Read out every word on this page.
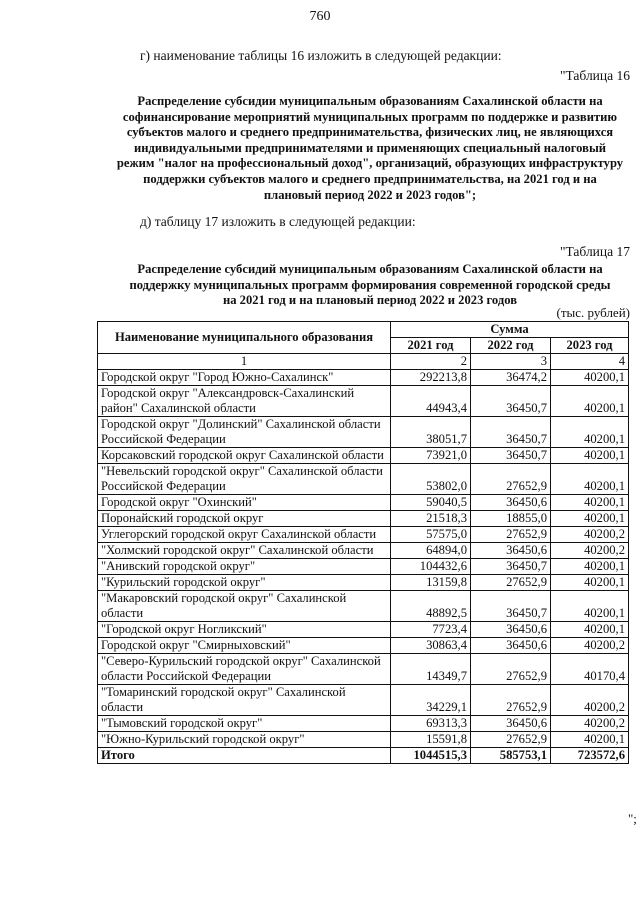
760
г) наименование таблицы 16 изложить в следующей редакции:
"Таблица 16
Распределение субсидии муниципальным образованиям Сахалинской области на
софинансирование мероприятий муниципальных программ по поддержке и развитию
субъектов малого и среднего предпринимательства, физических лиц, не являющихся
индивидуальными предпринимателями и применяющих специальный налоговый
режим "налог на профессиональный доход", организаций, образующих инфраструктуру
поддержки субъектов малого и среднего предпринимательства, на 2021 год и на
плановый период 2022 и 2023 годов";
д) таблицу 17 изложить в следующей редакции:
"Таблица 17
Распределение субсидий муниципальным образованиям Сахалинской области на
поддержку муниципальных программ формирования современной городской среды
на 2021 год и на плановый период 2022 и 2023 годов
(тыс. рублей)
Наименование муниципального образования	Сумма		
	2021 год	2022 год	2023 год
1	2	3	4
Городской округ "Город Южно-Сахалинск"	292213,8	36474,2	40200,1
Городской округ "Александровск-Сахалинский район" Сахалинской области	44943,4	36450,7	40200,1
Городской округ "Долинский" Сахалинской области Российской Федерации	38051,7	36450,7	40200,1
Корсаковский городской округ Сахалинской области	73921,0	36450,7	40200,1
"Невельский городской округ" Сахалинской области Российской Федерации	53802,0	27652,9	40200,1
Городской округ "Охинский"	59040,5	36450,6	40200,1
Поронайский городской округ	21518,3	18855,0	40200,1
Углегорский городской округ Сахалинской области	57575,0	27652,9	40200,2
"Холмский городской округ" Сахалинской области	64894,0	36450,6	40200,2
"Анивский городской округ"	104432,6	36450,7	40200,1
"Курильский городской округ"	13159,8	27652,9	40200,1
"Макаровский городской округ" Сахалинской области	48892,5	36450,7	40200,1
"Городской округ Ногликский"	7723,4	36450,6	40200,1
Городской округ "Смирныховский"	30863,4	36450,6	40200,2
"Северо-Курильский городской округ" Сахалинской области Российской Федерации	14349,7	27652,9	40170,4
"Томаринский городской округ" Сахалинской области	34229,1	27652,9	40200,2
"Тымовский городской округ"	69313,3	36450,6	40200,2
"Южно-Курильский городской округ"	15591,8	27652,9	40200,1
Итого	1044515,3	585753,1	723572,6
";
